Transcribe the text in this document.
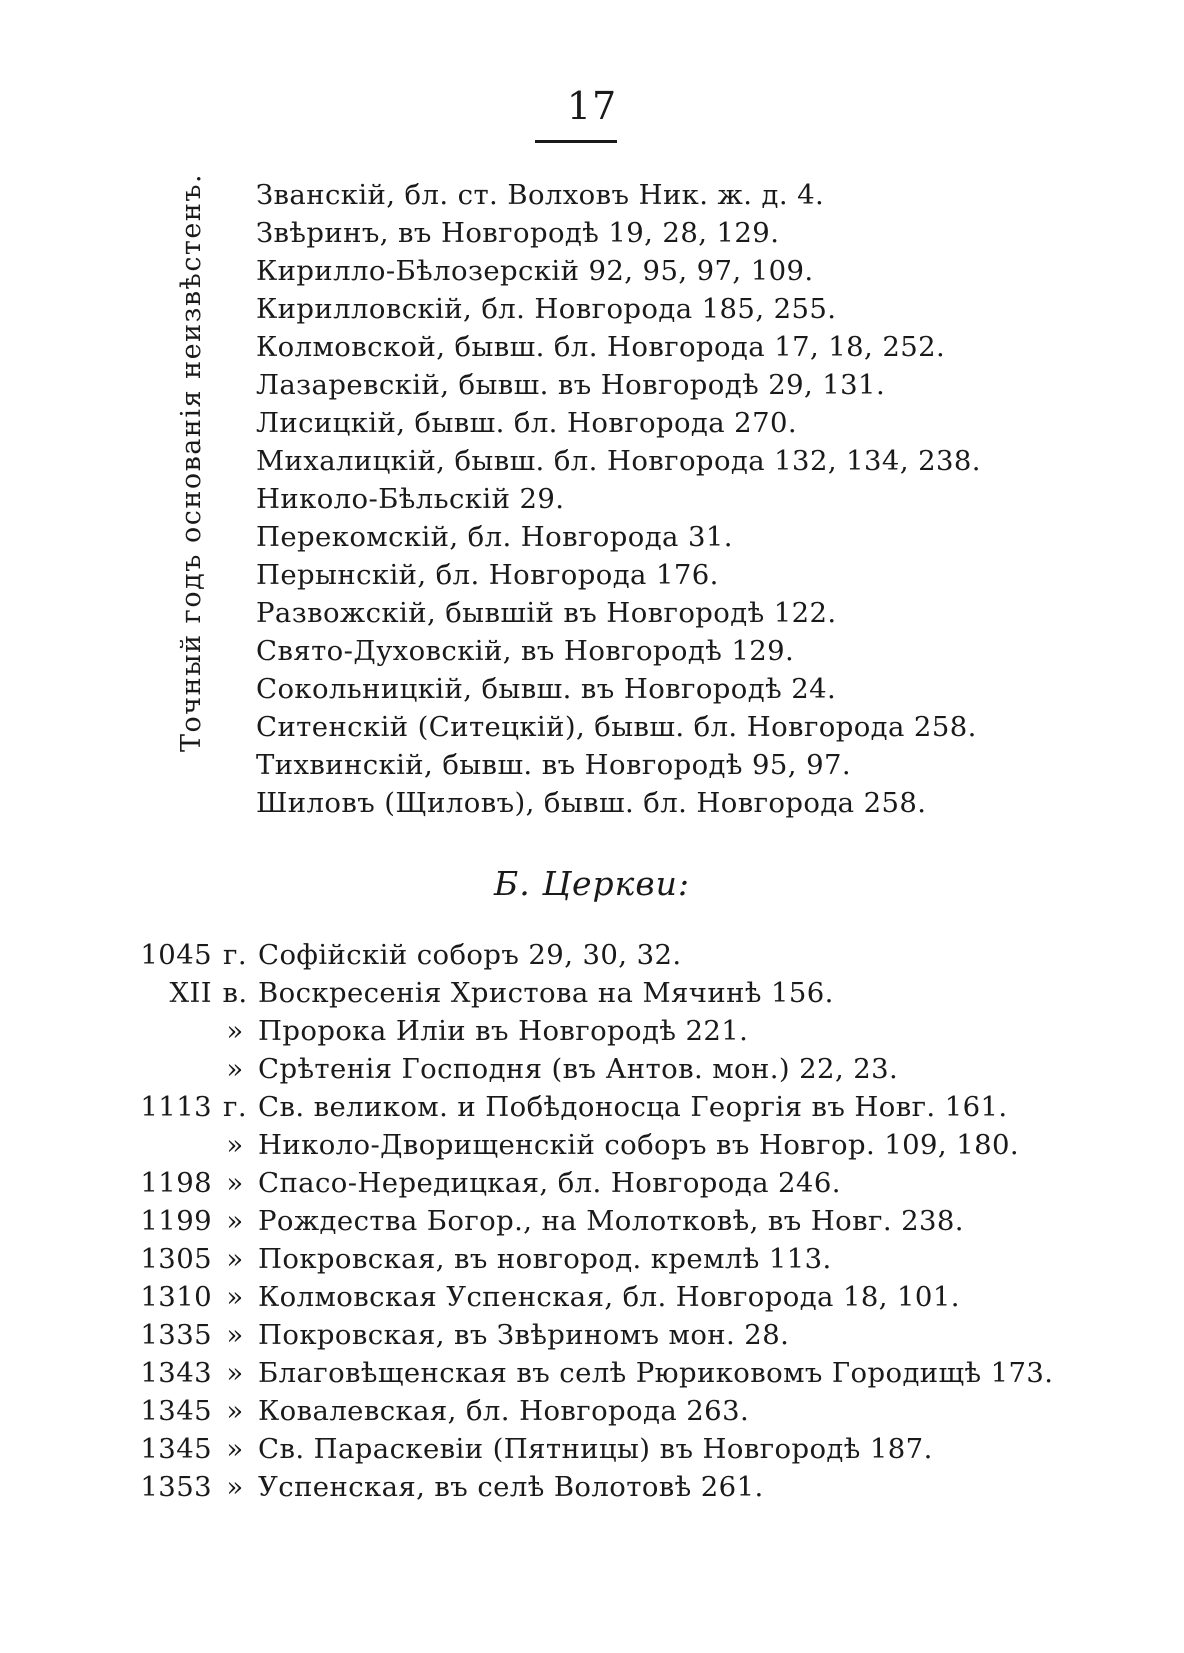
17
Точный годъ основанія неизвѣстенъ. Званскій, бл. ст. Волховъ Ник. ж. д. 4.
Звѣринъ, въ Новгородѣ 19, 28, 129.
Кирилло-Бѣлозерскій 92, 95, 97, 109.
Кирилловскій, бл. Новгорода 185, 255.
Колмовской, бывш. бл. Новгорода 17, 18, 252.
Лазаревскій, бывш. въ Новгородѣ 29, 131.
Лисицкій, бывш. бл. Новгорода 270.
Михалицкій, бывш. бл. Новгорода 132, 134, 238.
Николо-Бѣльскій 29.
Перекомскій, бл. Новгорода 31.
Перынскій, бл. Новгорода 176.
Развожскій, бывшій въ Новгородѣ 122.
Свято-Духовскій, въ Новгородѣ 129.
Сокольницкій, бывш. въ Новгородѣ 24.
Ситенскій (Ситецкій), бывш. бл. Новгорода 258.
Тихвинскій, бывш. въ Новгородѣ 95, 97.
Шиловъ (Щиловъ), бывш. бл. Новгорода 258.
Б. Церкви:
1045 г. Софійскій соборъ 29, 30, 32.
XII в. Воскресенія Христова на Мячинѣ 156.
» Пророка Иліи въ Новгородѣ 221.
» Срѣтенія Господня (въ Антов. мон.) 22, 23.
1113 г. Св. великом. и Побѣдоносца Георгія въ Новг. 161.
» Николо-Дворищенскій соборъ въ Новгор. 109, 180.
1198 » Спасо-Нередицкая, бл. Новгорода 246.
1199 » Рождества Богор., на Молотковѣ, въ Новг. 238.
1305 » Покровская, въ новгород. кремлѣ 113.
1310 » Колмовская Успенская, бл. Новгорода 18, 101.
1335 » Покровская, въ Звѣриномъ мон. 28.
1343 » Благовѣщенская въ селѣ Рюриковомъ Городищѣ 173.
1345 » Ковалевская, бл. Новгорода 263.
1345 » Св. Параскевіи (Пятницы) въ Новгородѣ 187.
1353 » Успенская, въ селѣ Волотовѣ 261.
